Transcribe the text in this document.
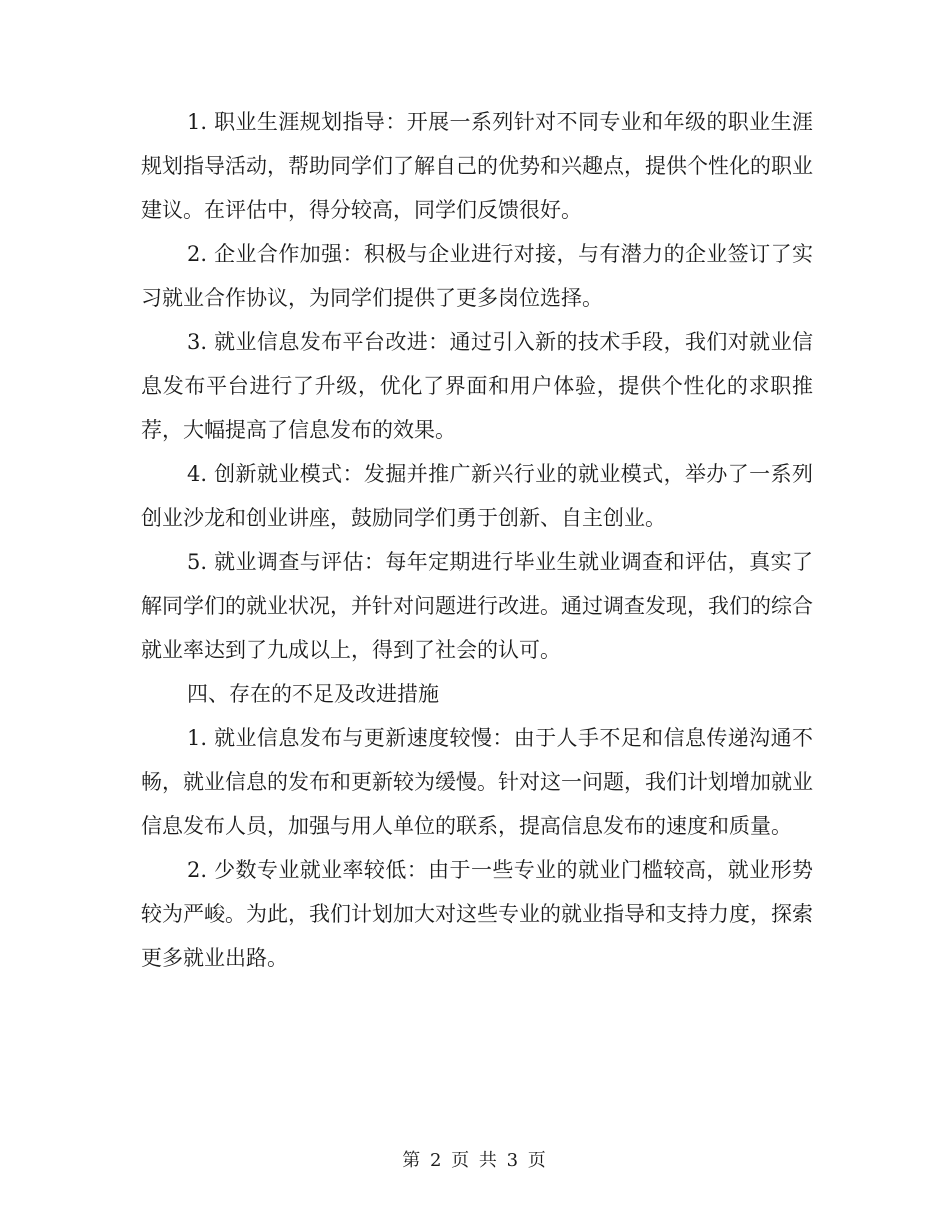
1. 职业生涯规划指导：开展一系列针对不同专业和年级的职业生涯规划指导活动，帮助同学们了解自己的优势和兴趣点，提供个性化的职业建议。在评估中，得分较高，同学们反馈很好。

2. 企业合作加强：积极与企业进行对接，与有潜力的企业签订了实习就业合作协议，为同学们提供了更多岗位选择。

3. 就业信息发布平台改进：通过引入新的技术手段，我们对就业信息发布平台进行了升级，优化了界面和用户体验，提供个性化的求职推荐，大幅提高了信息发布的效果。

4. 创新就业模式：发掘并推广新兴行业的就业模式，举办了一系列创业沙龙和创业讲座，鼓励同学们勇于创新、自主创业。

5. 就业调查与评估：每年定期进行毕业生就业调查和评估，真实了解同学们的就业状况，并针对问题进行改进。通过调查发现，我们的综合就业率达到了九成以上，得到了社会的认可。

四、存在的不足及改进措施

1. 就业信息发布与更新速度较慢：由于人手不足和信息传递沟通不畅，就业信息的发布和更新较为缓慢。针对这一问题，我们计划增加就业信息发布人员，加强与用人单位的联系，提高信息发布的速度和质量。

2. 少数专业就业率较低：由于一些专业的就业门槛较高，就业形势较为严峻。为此，我们计划加大对这些专业的就业指导和支持力度，探索更多就业出路。

第 2 页 共 3 页
